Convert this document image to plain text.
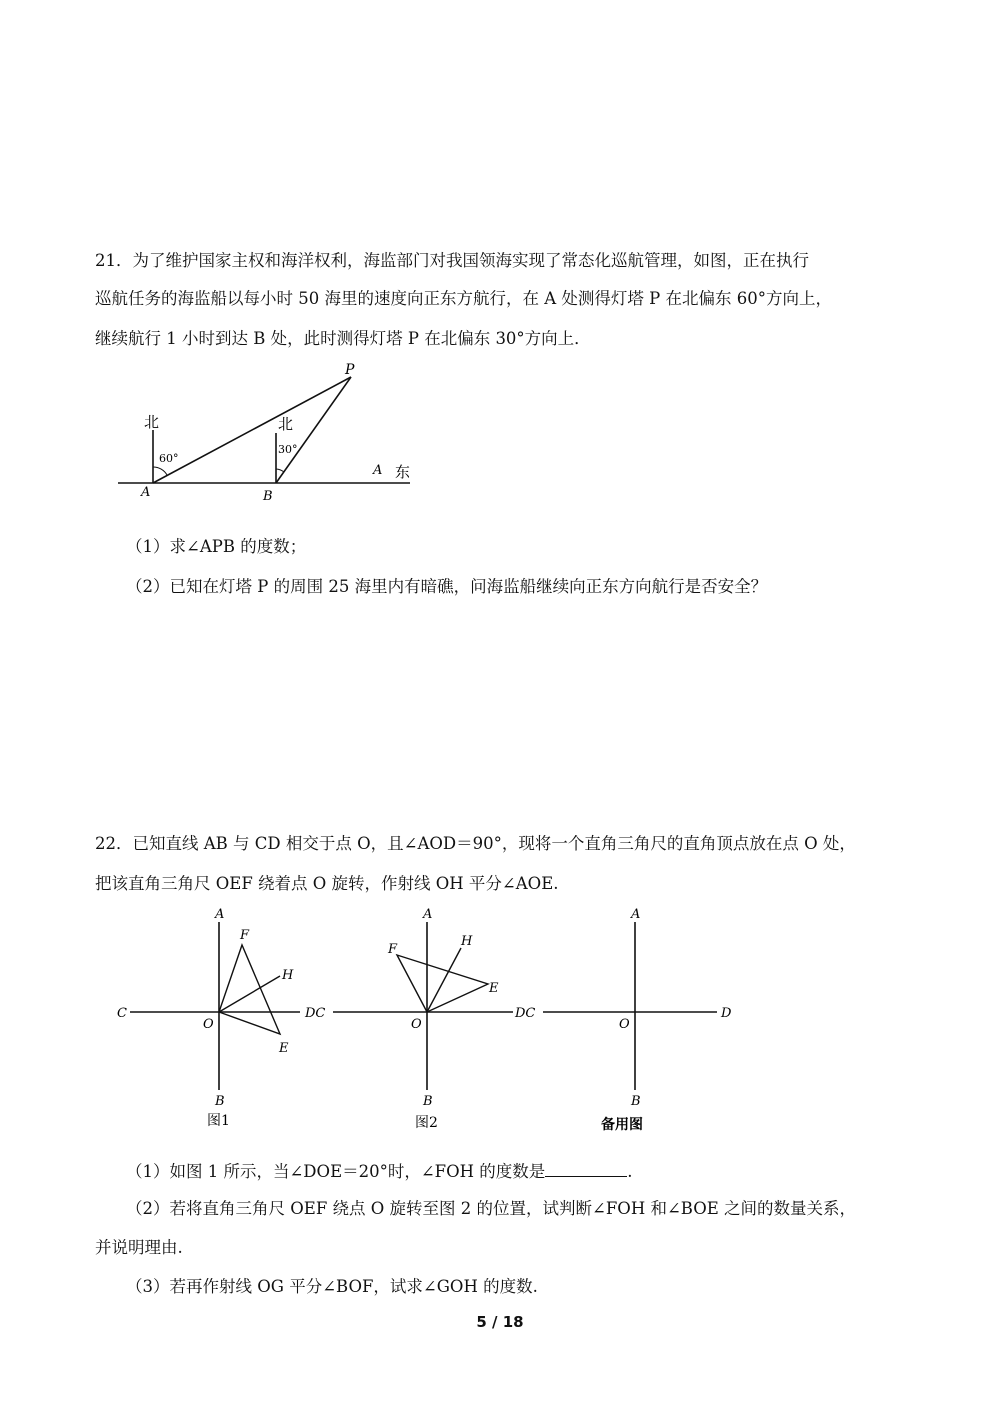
21．为了维护国家主权和海洋权利，海监部门对我国领海实现了常态化巡航管理，如图，正在执行
巡航任务的海监船以每小时 50 海里的速度向正东方航行，在 A 处测得灯塔 P 在北偏东 60°方向上，
继续航行 1 小时到达 B 处，此时测得灯塔 P 在北偏东 30°方向上．
P
北	北
60°
30°
A	B
A 东
（1）求∠APB 的度数；
（2）已知在灯塔 P 的周围 25 海里内有暗礁，问海监船继续向正东方向航行是否安全？
22．已知直线 AB 与 CD 相交于点 O，且∠AOD＝90°，现将一个直角三角尺的直角顶点放在点 O 处，
把该直角三角尺 OEF 绕着点 O 旋转，作射线 OH 平分∠AOE.
A
F
H
C
O
E
B
图1
DC
A
F
H
E
O
B
图2
DC
A
O
D
B
备用图
（1）如图 1 所示，当∠DOE＝20°时，∠FOH 的度数是	.
（2）若将直角三角尺 OEF 绕点 O 旋转至图 2 的位置，试判断∠FOH 和∠BOE 之间的数量关系，
并说明理由.
（3）若再作射线 OG 平分∠BOF，试求∠GOH 的度数.
5 / 18
